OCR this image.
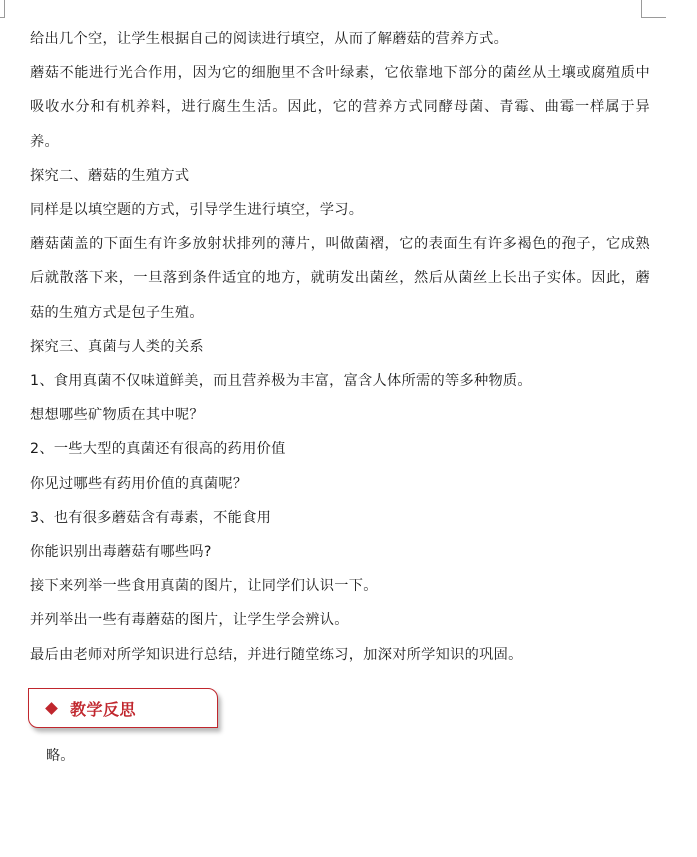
给出几个空，让学生根据自己的阅读进行填空，从而了解蘑菇的营养方式。

蘑菇不能进行光合作用，因为它的细胞里不含叶绿素，它依靠地下部分的菌丝从土壤或腐殖质中吸收水分和有机养料，进行腐生生活。因此，它的营养方式同酵母菌、青霉、曲霉一样属于异养。

探究二、蘑菇的生殖方式

同样是以填空题的方式，引导学生进行填空，学习。

蘑菇菌盖的下面生有许多放射状排列的薄片，叫做菌褶，它的表面生有许多褐色的孢子，它成熟后就散落下来，一旦落到条件适宜的地方，就萌发出菌丝，然后从菌丝上长出子实体。因此，蘑菇的生殖方式是包子生殖。

探究三、真菌与人类的关系

1、食用真菌不仅味道鲜美，而且营养极为丰富，富含人体所需的等多种物质。

想想哪些矿物质在其中呢？

2、一些大型的真菌还有很高的药用价值

你见过哪些有药用价值的真菌呢？

3、也有很多蘑菇含有毒素，不能食用

你能识别出毒蘑菇有哪些吗?

接下来列举一些食用真菌的图片，让同学们认识一下。

并列举出一些有毒蘑菇的图片，让学生学会辨认。

最后由老师对所学知识进行总结，并进行随堂练习，加深对所学知识的巩固。

教学反思
略。
